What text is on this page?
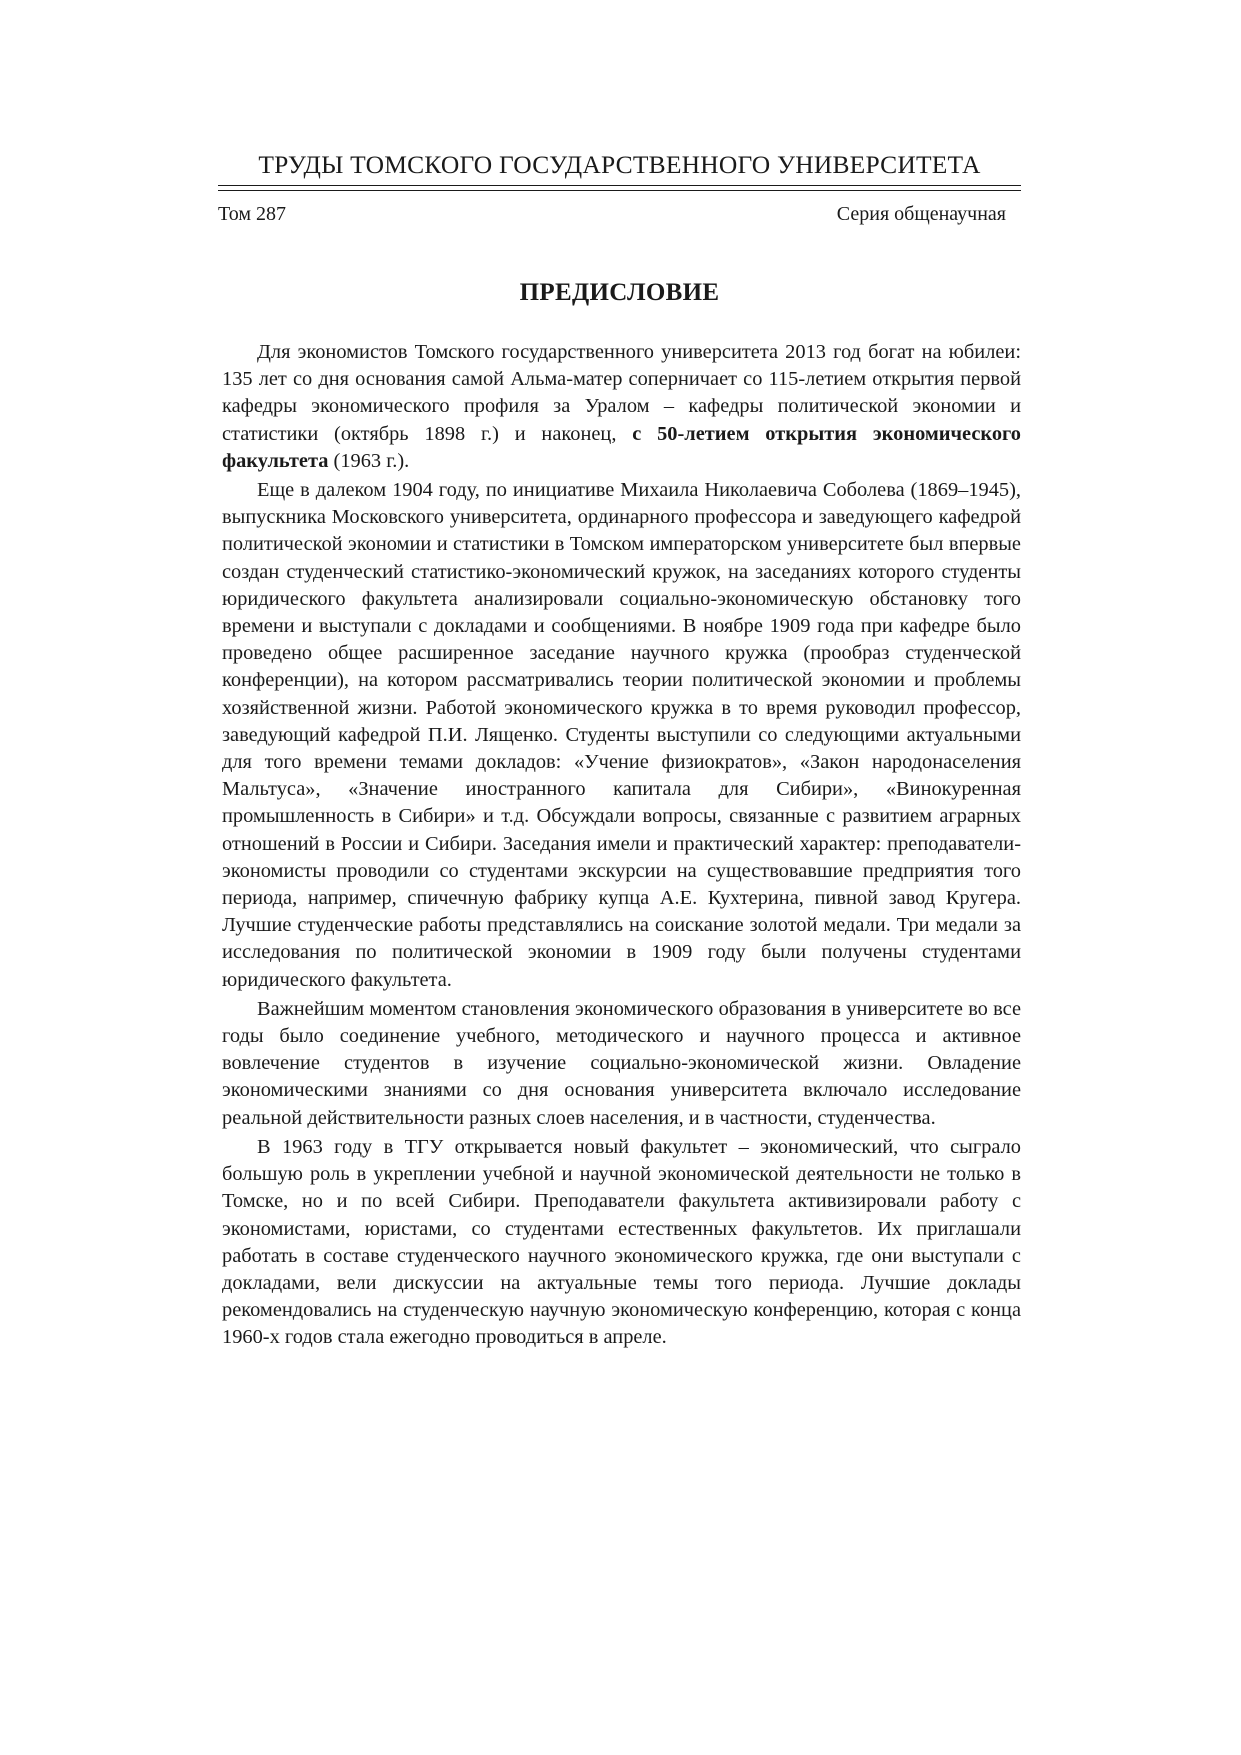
ТРУДЫ ТОМСКОГО ГОСУДАРСТВЕННОГО УНИВЕРСИТЕТА
Том 287	Серия общенаучная
ПРЕДИСЛОВИЕ

Для экономистов Томского государственного университета 2013 год богат на юбилеи: 135 лет со дня основания самой Альма-матер соперничает со 115-летием открытия первой кафедры экономического профиля за Уралом – кафедры политической экономии и статистики (октябрь 1898 г.) и наконец, с 50-летием открытия экономического факультета (1963 г.).

Еще в далеком 1904 году, по инициативе Михаила Николаевича Соболева (1869–1945), выпускника Московского университета, ординарного профессора и заведующего кафедрой политической экономии и статистики в Томском императорском университете был впервые создан студенческий статистико-экономический кружок, на заседаниях которого студенты юридического факультета анализировали социально-экономическую обстановку того времени и выступали с докладами и сообщениями. В ноябре 1909 года при кафедре было проведено общее расширенное заседание научного кружка (прообраз студенческой конференции), на котором рассматривались теории политической экономии и проблемы хозяйственной жизни. Работой экономического кружка в то время руководил профессор, заведующий кафедрой П.И. Лященко. Студенты выступили со следующими актуальными для того времени темами докладов: «Учение физиократов», «Закон народонаселения Мальтуса», «Значение иностранного капитала для Сибири», «Винокуренная промышленность в Сибири» и т.д. Обсуждали вопросы, связанные с развитием аграрных отношений в России и Сибири. Заседания имели и практический характер: преподаватели-экономисты проводили со студентами экскурсии на существовавшие предприятия того периода, например, спичечную фабрику купца А.Е. Кухтерина, пивной завод Кругера. Лучшие студенческие работы представлялись на соискание золотой медали. Три медали за исследования по политической экономии в 1909 году были получены студентами юридического факультета.

Важнейшим моментом становления экономического образования в университете во все годы было соединение учебного, методического и научного процесса и активное вовлечение студентов в изучение социально-экономической жизни. Овладение экономическими знаниями со дня основания университета включало исследование реальной действительности разных слоев населения, и в частности, студенчества.

В 1963 году в ТГУ открывается новый факультет – экономический, что сыграло большую роль в укреплении учебной и научной экономической деятельности не только в Томске, но и по всей Сибири. Преподаватели факультета активизировали работу с экономистами, юристами, со студентами естественных факультетов. Их приглашали работать в составе студенческого научного экономического кружка, где они выступали с докладами, вели дискуссии на актуальные темы того периода. Лучшие доклады рекомендовались на студенческую научную экономическую конференцию, которая с конца 1960-х годов стала ежегодно проводиться в апреле.
